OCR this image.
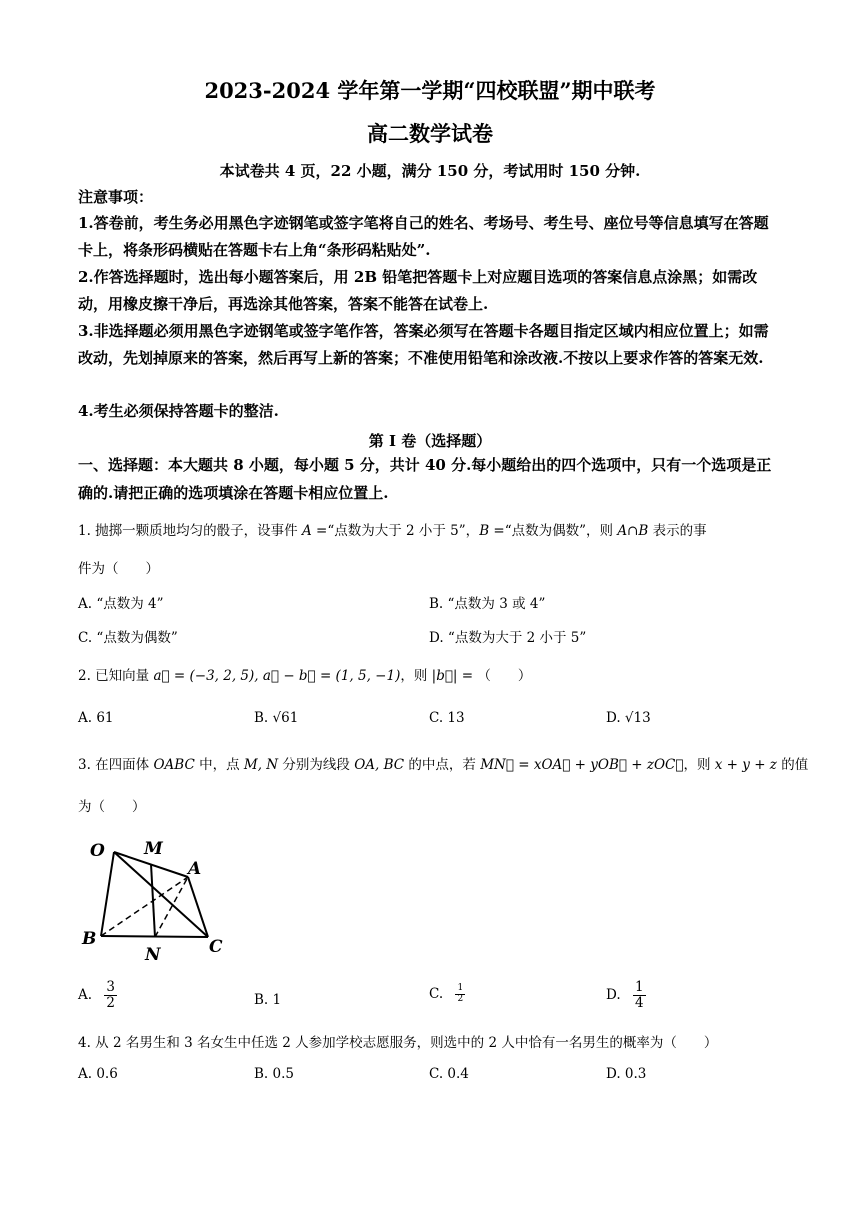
2023-2024 学年第一学期“四校联盟”期中联考
高二数学试卷
本试卷共 4 页，22 小题，满分 150 分，考试用时 150 分钟.
注意事项：
1.答卷前，考生务必用黑色字迹钢笔或签字笔将自己的姓名、考场号、考生号、座位号等信息填写在答题卡上，将条形码横贴在答题卡右上角“条形码粘贴处”.
2.作答选择题时，选出每小题答案后，用 2B 铅笔把答题卡上对应题目选项的答案信息点涂黑；如需改动，用橡皮擦干净后，再选涂其他答案，答案不能答在试卷上.
3.非选择题必须用黑色字迹钢笔或签字笔作答，答案必须写在答题卡各题目指定区域内相应位置上；如需改动，先划掉原来的答案，然后再写上新的答案；不准使用铅笔和涂改液.不按以上要求作答的答案无效.
4.考生必须保持答题卡的整洁.
第 I 卷（选择题）
一、选择题：本大题共 8 小题，每小题 5 分，共计 40 分.每小题给出的四个选项中，只有一个选项是正确的.请把正确的选项填涂在答题卡相应位置上.
1. 抛掷一颗质地均匀的骰子，设事件 A =“点数为大于 2 小于 5”，B =“点数为偶数”，则 A∩B 表示的事
件为（　　）
A. “点数为 4”	B. “点数为 3 或 4”
C. “点数为偶数”	D. “点数为大于 2 小于 5”
2. 已知向量 a⃗ = (−3, 2, 5), a⃗ − b⃗ = (1, 5, −1)，则 |b⃗| = （　　）
A. 61	B. √61	C. 13	D. √13
3. 在四面体 OABC 中，点 M, N 分别为线段 OA, BC 的中点，若 MN⃗ = xOA⃗ + yOB⃗ + zOC⃗，则 x + y + z 的值
为（　　）
O M
A
B
N	C
A. $\frac{3}{2}$	B. 1	C. $\frac{1}{2}$	D. $\frac{1}{4}$
4. 从 2 名男生和 3 名女生中任选 2 人参加学校志愿服务，则选中的 2 人中恰有一名男生的概率为（　　）
A. 0.6	B. 0.5	C. 0.4	D. 0.3
